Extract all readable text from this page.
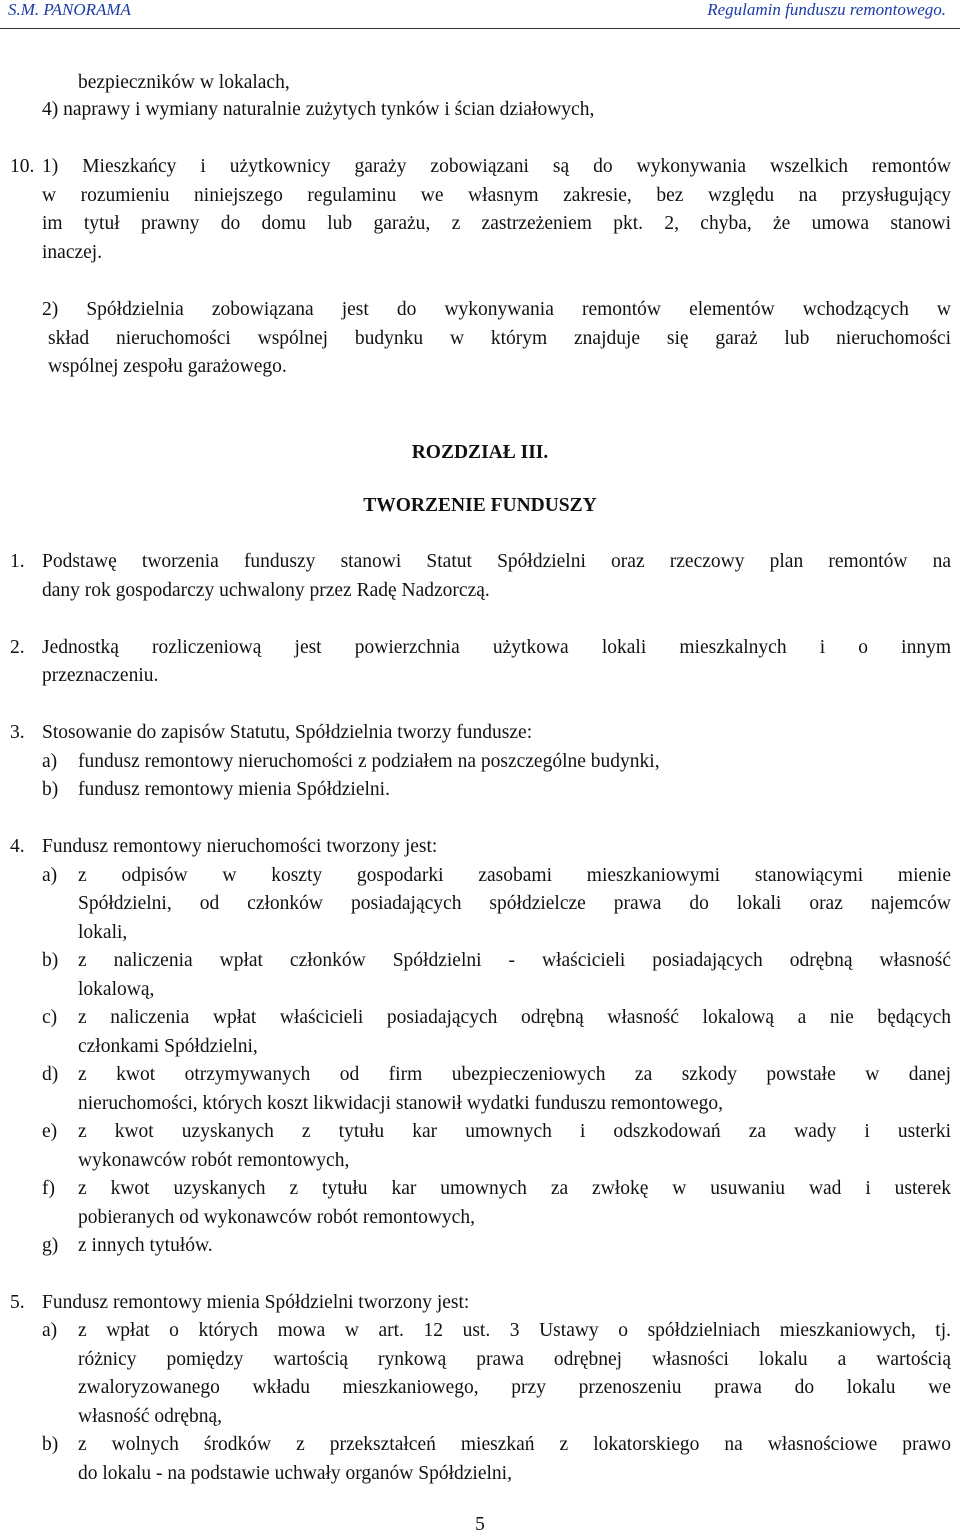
S.M. PANORAMA	Regulamin funduszu remontowego.
bezpieczników w lokalach,
4) naprawy i wymiany naturalnie zużytych tynków i ścian działowych,
10. 1) Mieszkańcy i użytkownicy garaży zobowiązani są do wykonywania wszelkich remontów
w rozumieniu niniejszego regulaminu we własnym zakresie, bez względu na przysługujący
im tytuł prawny do domu lub garażu, z zastrzeżeniem pkt. 2, chyba, że umowa stanowi
inaczej.
2) Spółdzielnia zobowiązana jest do wykonywania remontów elementów wchodzących w
skład nieruchomości wspólnej budynku w którym znajduje się garaż lub nieruchomości
wspólnej zespołu garażowego.
ROZDZIAŁ III.
TWORZENIE FUNDUSZY
1. Podstawę tworzenia funduszy stanowi Statut Spółdzielni oraz rzeczowy plan remontów na
dany rok gospodarczy uchwalony przez Radę Nadzorczą.
2. Jednostką rozliczeniową jest powierzchnia użytkowa lokali mieszkalnych i o innym
przeznaczeniu.
3. Stosowanie do zapisów Statutu, Spółdzielnia tworzy fundusze:
a) fundusz remontowy nieruchomości z podziałem na poszczególne budynki,
b) fundusz remontowy mienia Spółdzielni.
4. Fundusz remontowy nieruchomości tworzony jest:
a) z odpisów w koszty gospodarki zasobami mieszkaniowymi stanowiącymi mienie
Spółdzielni, od członków posiadających spółdzielcze prawa do lokali oraz najemców
lokali,
b) z naliczenia wpłat członków Spółdzielni - właścicieli posiadających odrębną własność
lokalową,
c) z naliczenia wpłat właścicieli posiadających odrębną własność lokalową a nie będących
członkami Spółdzielni,
d) z kwot otrzymywanych od firm ubezpieczeniowych za szkody powstałe w danej
nieruchomości, których koszt likwidacji stanowił wydatki funduszu remontowego,
e) z kwot uzyskanych z tytułu kar umownych i odszkodowań za wady i usterki
wykonawców robót remontowych,
f) z kwot uzyskanych z tytułu kar umownych za zwłokę w usuwaniu wad i usterek
pobieranych od wykonawców robót remontowych,
g) z innych tytułów.
5. Fundusz remontowy mienia Spółdzielni tworzony jest:
a) z wpłat o których mowa w art. 12 ust. 3 Ustawy o spółdzielniach mieszkaniowych, tj.
różnicy pomiędzy wartością rynkową prawa odrębnej własności lokalu a wartością
zwaloryzowanego wkładu mieszkaniowego, przy przenoszeniu prawa do lokalu we
własność odrębną,
b) z wolnych środków z przekształceń mieszkań z lokatorskiego na własnościowe prawo
do lokalu - na podstawie uchwały organów Spółdzielni,
5
